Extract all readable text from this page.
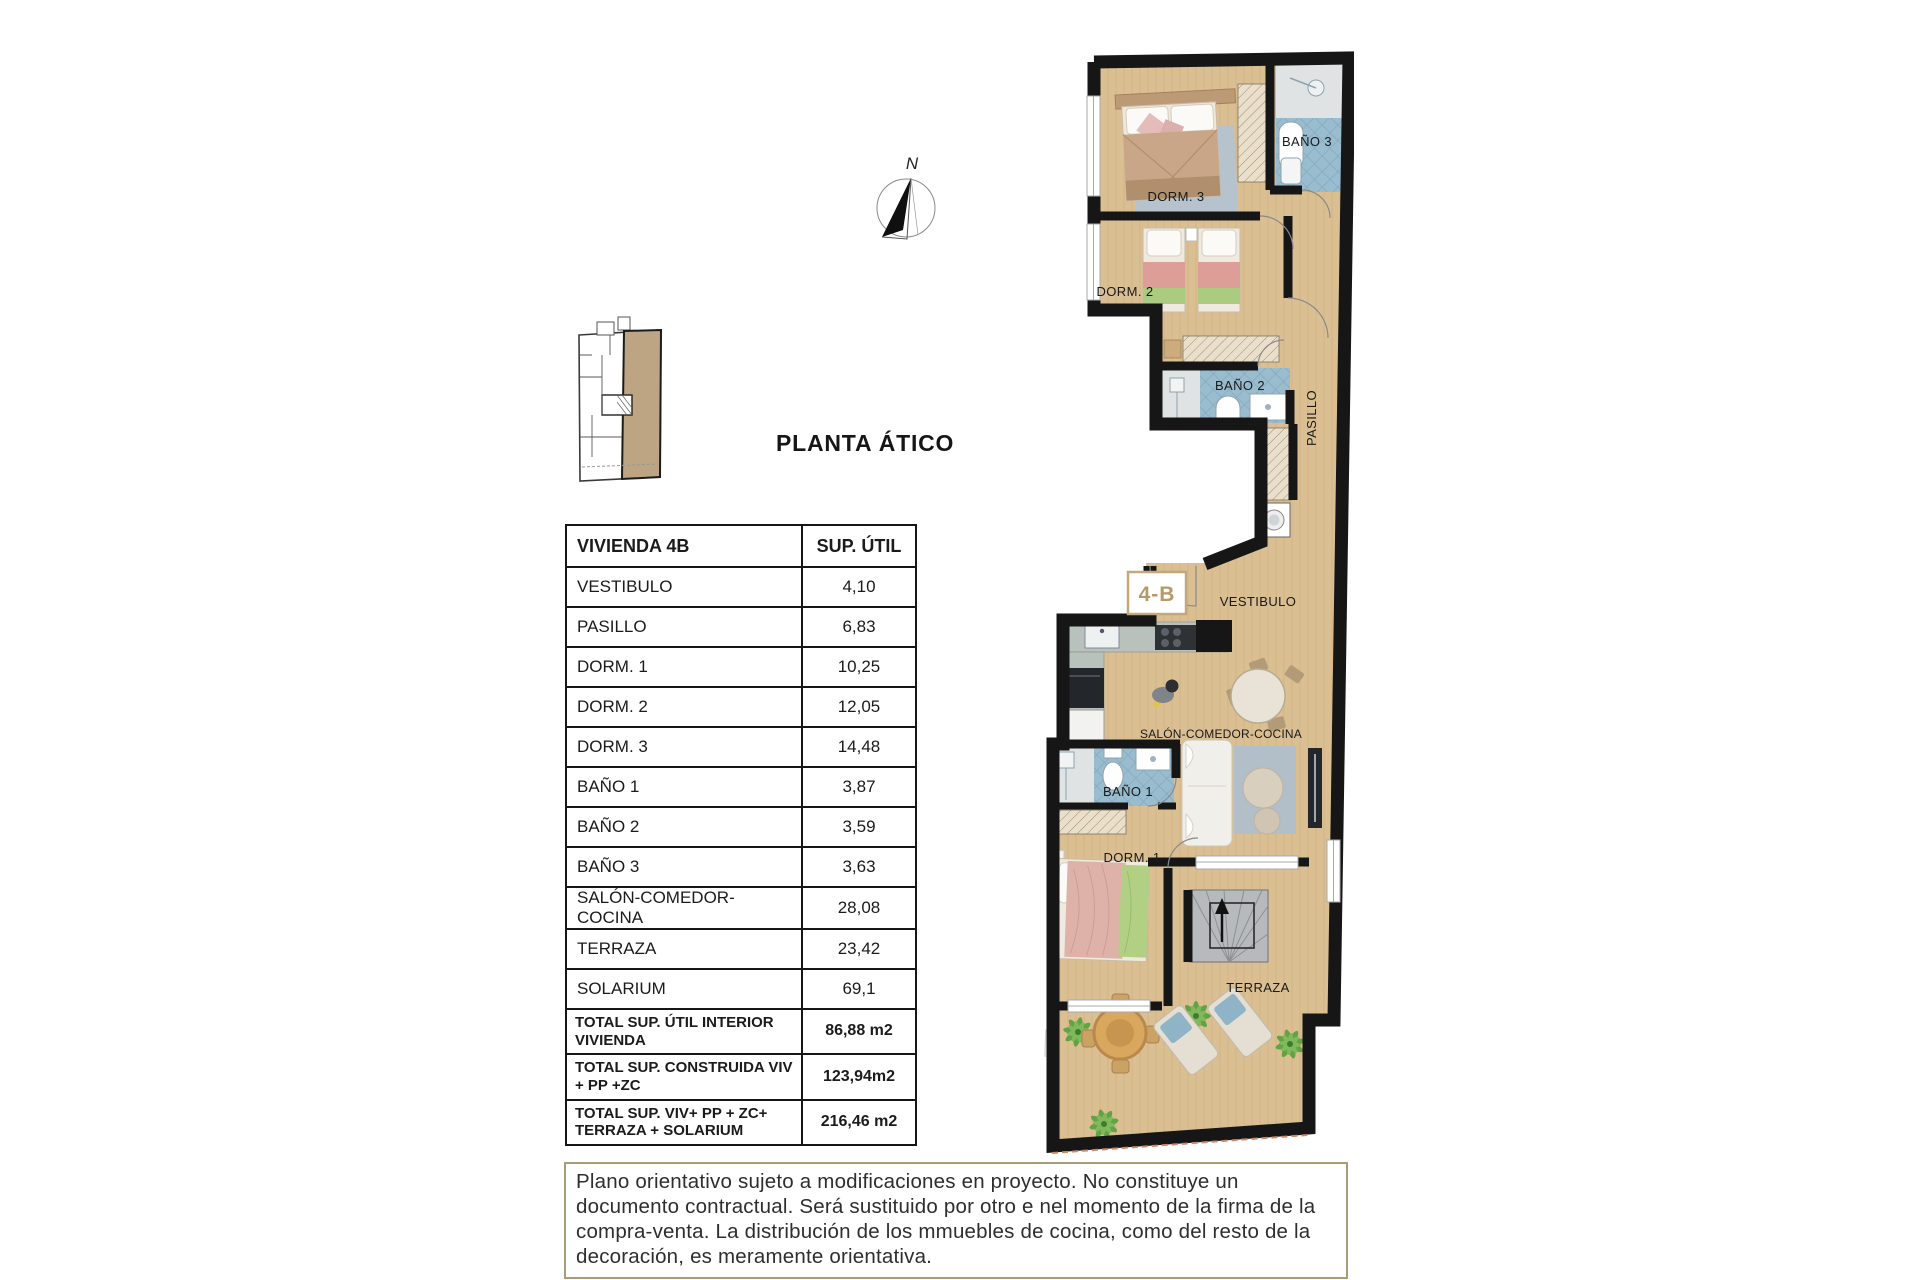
N
PLANTA ÁTICO
VIVIENDA 4B	SUP. ÚTIL
VESTIBULO	4,10
PASILLO	6,83
DORM. 1	10,25
DORM. 2	12,05
DORM. 3	14,48
BAÑO 1	3,87
BAÑO 2	3,59
BAÑO 3	3,63
SALÓN-COMEDOR-COCINA	28,08
TERRAZA	23,42
SOLARIUM	69,1
TOTAL SUP. ÚTIL INTERIOR VIVIENDA	86,88 m2
TOTAL SUP. CONSTRUIDA VIV + PP +ZC	123,94m2
TOTAL SUP. VIV+ PP + ZC+ TERRAZA + SOLARIUM	216,46 m2
4-B
DORM. 3
BAÑO 3
DORM. 2
BAÑO 2
PASILLO
VESTIBULO
SALÓN-COMEDOR-COCINA
BAÑO 1
DORM. 1
TERRAZA
Plano orientativo sujeto a modificaciones en proyecto. No constituye un documento contractual. Será sustituido por otro e nel momento de la firma de la compra-venta. La distribución de los mmuebles de cocina, como del resto de la decoración, es meramente orientativa.
